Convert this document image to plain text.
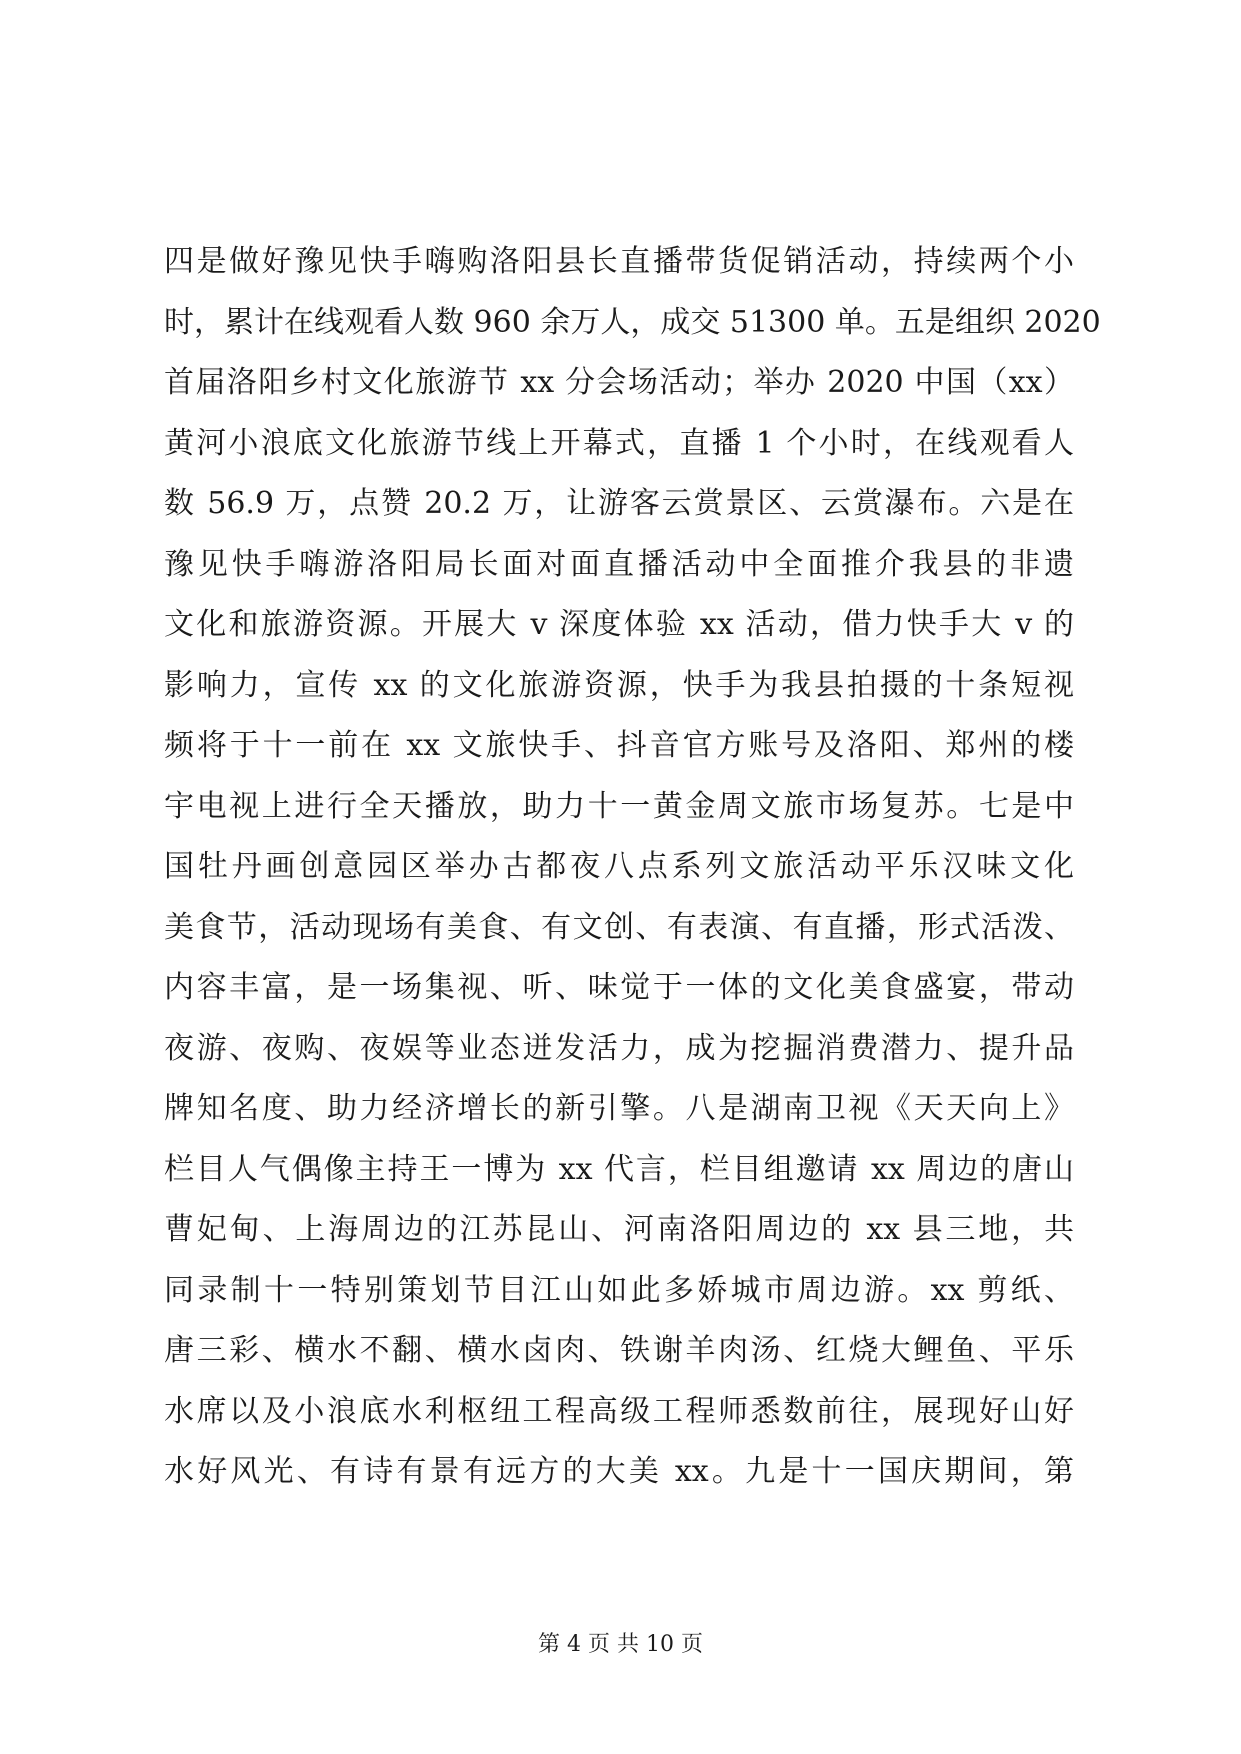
四是做好豫见快手嗨购洛阳县长直播带货促销活动，持续两个小
时，累计在线观看人数 960 余万人，成交 51300 单。五是组织 2020
首届洛阳乡村文化旅游节 xx 分会场活动；举办 2020 中国（xx）
黄河小浪底文化旅游节线上开幕式，直播 1 个小时，在线观看人
数 56.9 万，点赞 20.2 万，让游客云赏景区、云赏瀑布。六是在
豫见快手嗨游洛阳局长面对面直播活动中全面推介我县的非遗
文化和旅游资源。开展大 v 深度体验 xx 活动，借力快手大 v 的
影响力，宣传 xx 的文化旅游资源，快手为我县拍摄的十条短视
频将于十一前在 xx 文旅快手、抖音官方账号及洛阳、郑州的楼
宇电视上进行全天播放，助力十一黄金周文旅市场复苏。七是中
国牡丹画创意园区举办古都夜八点系列文旅活动平乐汉味文化
美食节，活动现场有美食、有文创、有表演、有直播，形式活泼、
内容丰富，是一场集视、听、味觉于一体的文化美食盛宴，带动
夜游、夜购、夜娱等业态迸发活力，成为挖掘消费潜力、提升品
牌知名度、助力经济增长的新引擎。八是湖南卫视《天天向上》
栏目人气偶像主持王一博为 xx 代言，栏目组邀请 xx 周边的唐山
曹妃甸、上海周边的江苏昆山、河南洛阳周边的 xx 县三地，共
同录制十一特别策划节目江山如此多娇城市周边游。xx 剪纸、
唐三彩、横水不翻、横水卤肉、铁谢羊肉汤、红烧大鲤鱼、平乐
水席以及小浪底水利枢纽工程高级工程师悉数前往，展现好山好
水好风光、有诗有景有远方的大美 xx。九是十一国庆期间，第
第 4 页 共 10 页
